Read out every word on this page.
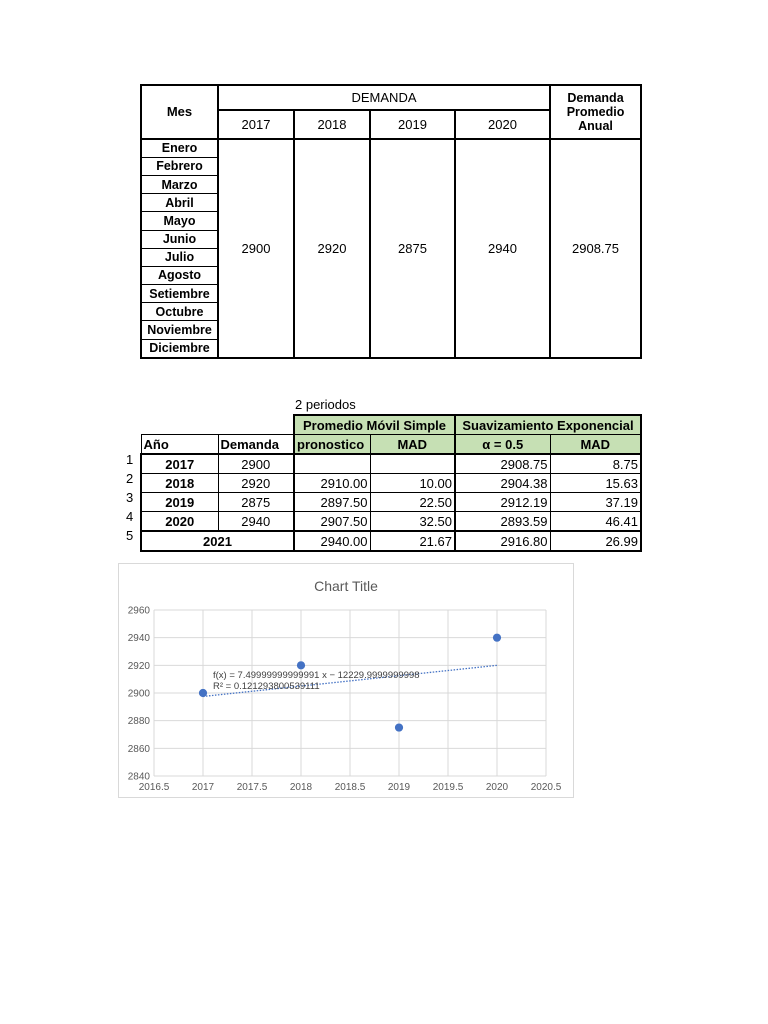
Mes	DEMANDA				Demanda Promedio Anual
	2017	2018	2019	2020	
Enero	2900	2920	2875	2940	2908.75
Febrero					
Marzo					
Abril					
Mayo					
Junio					
Julio					
Agosto					
Setiembre					
Octubre					
Noviembre					
Diciembre					
2 periodos
1
2
3
4
5
		Promedio Móvil Simple		Suavizamiento Exponencial	
Año	Demanda	pronostico	MAD	α = 0.5	MAD
2017	2900			2908.75	8.75
2018	2920	2910.00	10.00	2904.38	15.63
2019	2875	2897.50	22.50	2912.19	37.19
2020	2940	2907.50	32.50	2893.59	46.41
2021		2940.00	21.67	2916.80	26.99
Chart Title
2016.5 2017 2017.5 2018 2018.5 2019 2019.5 2020 2020.5
2840
2860
2880
2900
2920
2940
2960
f(x) = 7.49999999999991 x − 12229.9999999998
R² = 0.121293800539111
